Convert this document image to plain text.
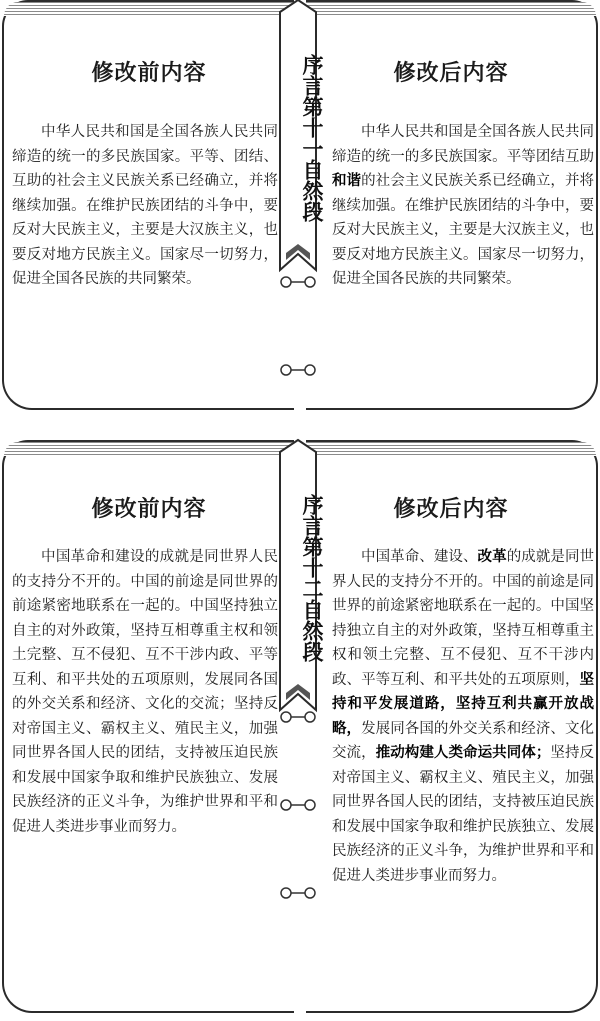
修改前内容
中华人民共和国是全国各族人民共同缔造的统一的多民族国家。平等、团结、互助的社会主义民族关系已经确立，并将继续加强。在维护民族团结的斗争中，要反对大民族主义，主要是大汉族主义，也要反对地方民族主义。国家尽一切努力，促进全国各民族的共同繁荣。
修改后内容
中华人民共和国是全国各族人民共同缔造的统一的多民族国家。平等团结互助和谐的社会主义民族关系已经确立，并将继续加强。在维护民族团结的斗争中，要反对大民族主义，主要是大汉族主义，也要反对地方民族主义。国家尽一切努力，促进全国各民族的共同繁荣。
序言第十一自然段
修改前内容
中国革命和建设的成就是同世界人民的支持分不开的。中国的前途是同世界的前途紧密地联系在一起的。中国坚持独立自主的对外政策，坚持互相尊重主权和领土完整、互不侵犯、互不干涉内政、平等互利、和平共处的五项原则，发展同各国的外交关系和经济、文化的交流；坚持反对帝国主义、霸权主义、殖民主义，加强同世界各国人民的团结，支持被压迫民族和发展中国家争取和维护民族独立、发展民族经济的正义斗争，为维护世界和平和促进人类进步事业而努力。
修改后内容
中国革命、建设、改革的成就是同世界人民的支持分不开的。中国的前途是同世界的前途紧密地联系在一起的。中国坚持独立自主的对外政策，坚持互相尊重主权和领土完整、互不侵犯、互不干涉内政、平等互利、和平共处的五项原则，坚持和平发展道路，坚持互利共赢开放战略，发展同各国的外交关系和经济、文化交流，推动构建人类命运共同体；坚持反对帝国主义、霸权主义、殖民主义，加强同世界各国人民的团结，支持被压迫民族和发展中国家争取和维护民族独立、发展民族经济的正义斗争，为维护世界和平和促进人类进步事业而努力。
序言第十二自然段
